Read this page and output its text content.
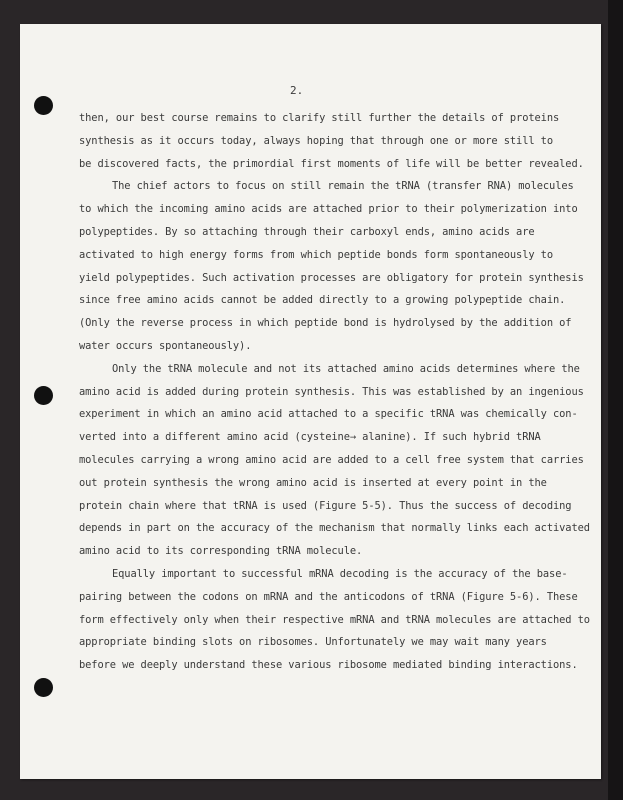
2.

then, our best course remains to clarify still further the details of proteins

synthesis as it occurs today, always hoping that through one or more still to

be discovered facts, the primordial first moments of life will be better revealed.

The chief actors to focus on still remain the tRNA (transfer RNA) molecules

to which the incoming amino acids are attached prior to their polymerization into

polypeptides. By so attaching through their carboxyl ends, amino acids are

activated to high energy forms from which peptide bonds form spontaneously to

yield polypeptides. Such activation processes are obligatory for protein synthesis

since free amino acids cannot be added directly to a growing polypeptide chain.

(Only the reverse process in which peptide bond is hydrolysed by the addition of

water occurs spontaneously).

Only the tRNA molecule and not its attached amino acids determines where the

amino acid is added during protein synthesis. This was established by an ingenious

experiment in which an amino acid attached to a specific tRNA was chemically con-

verted into a different amino acid (cysteine→ alanine). If such hybrid tRNA

molecules carrying a wrong amino acid are added to a cell free system that carries

out protein synthesis the wrong amino acid is inserted at every point in the

protein chain where that tRNA is used (Figure 5-5). Thus the success of decoding

depends in part on the accuracy of the mechanism that normally links each activated

amino acid to its corresponding tRNA molecule.

Equally important to successful mRNA decoding is the accuracy of the base-

pairing between the codons on mRNA and the anticodons of tRNA (Figure 5-6). These

form effectively only when their respective mRNA and tRNA molecules are attached to

appropriate binding slots on ribosomes. Unfortunately we may wait many years

before we deeply understand these various ribosome mediated binding interactions.
